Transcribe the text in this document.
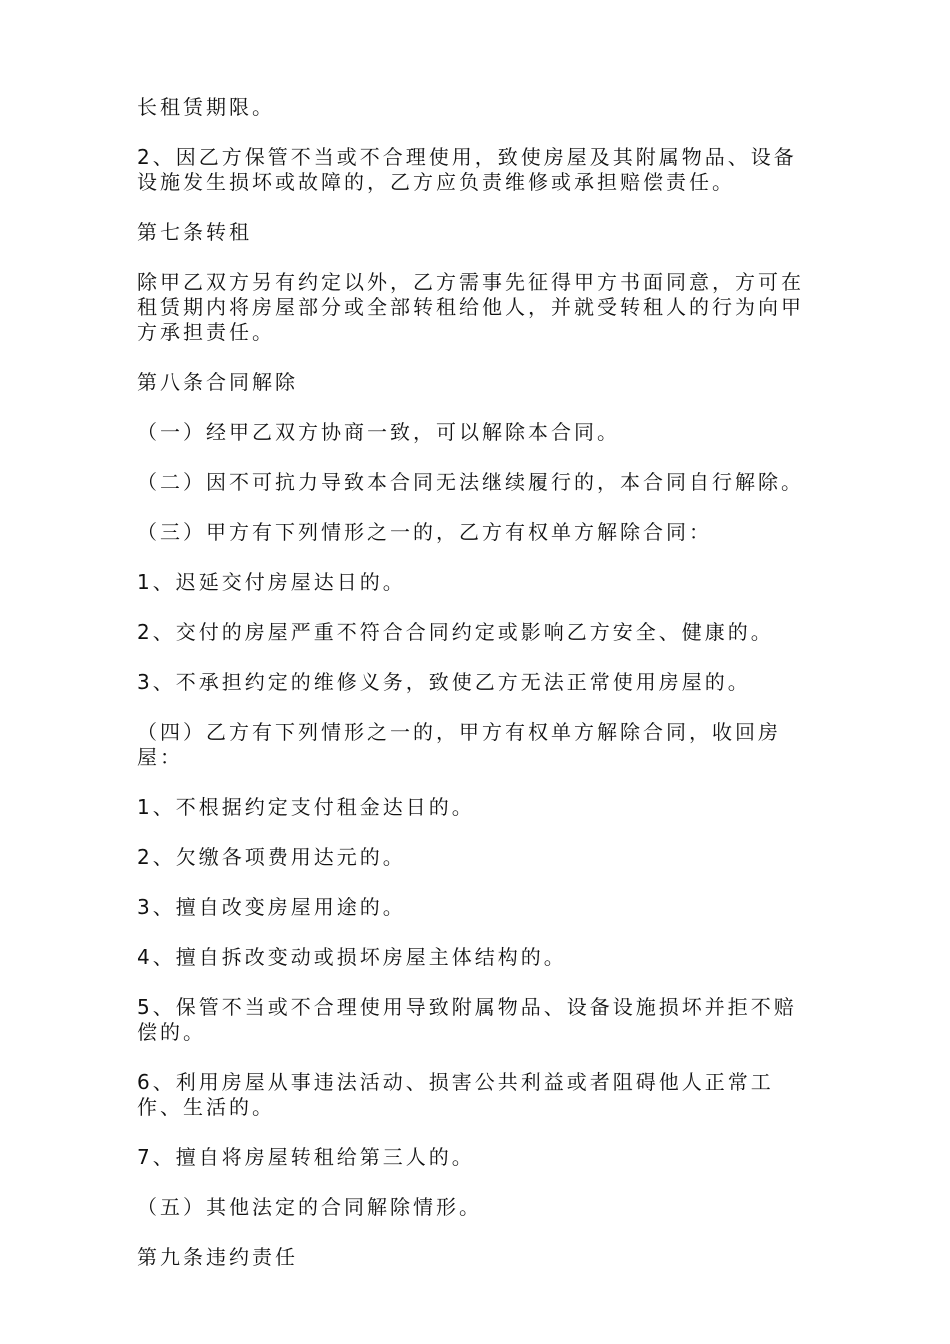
长租赁期限。

2、因乙方保管不当或不合理使用，致使房屋及其附属物品、设备设施发生损坏或故障的，乙方应负责维修或承担赔偿责任。

第七条转租

除甲乙双方另有约定以外，乙方需事先征得甲方书面同意，方可在租赁期内将房屋部分或全部转租给他人，并就受转租人的行为向甲方承担责任。

第八条合同解除

（一）经甲乙双方协商一致，可以解除本合同。

（二）因不可抗力导致本合同无法继续履行的，本合同自行解除。

（三）甲方有下列情形之一的，乙方有权单方解除合同：

1、迟延交付房屋达日的。

2、交付的房屋严重不符合合同约定或影响乙方安全、健康的。

3、不承担约定的维修义务，致使乙方无法正常使用房屋的。

（四）乙方有下列情形之一的，甲方有权单方解除合同，收回房屋：

1、不根据约定支付租金达日的。

2、欠缴各项费用达元的。

3、擅自改变房屋用途的。

4、擅自拆改变动或损坏房屋主体结构的。

5、保管不当或不合理使用导致附属物品、设备设施损坏并拒不赔偿的。

6、利用房屋从事违法活动、损害公共利益或者阻碍他人正常工作、生活的。

7、擅自将房屋转租给第三人的。

（五）其他法定的合同解除情形。

第九条违约责任
